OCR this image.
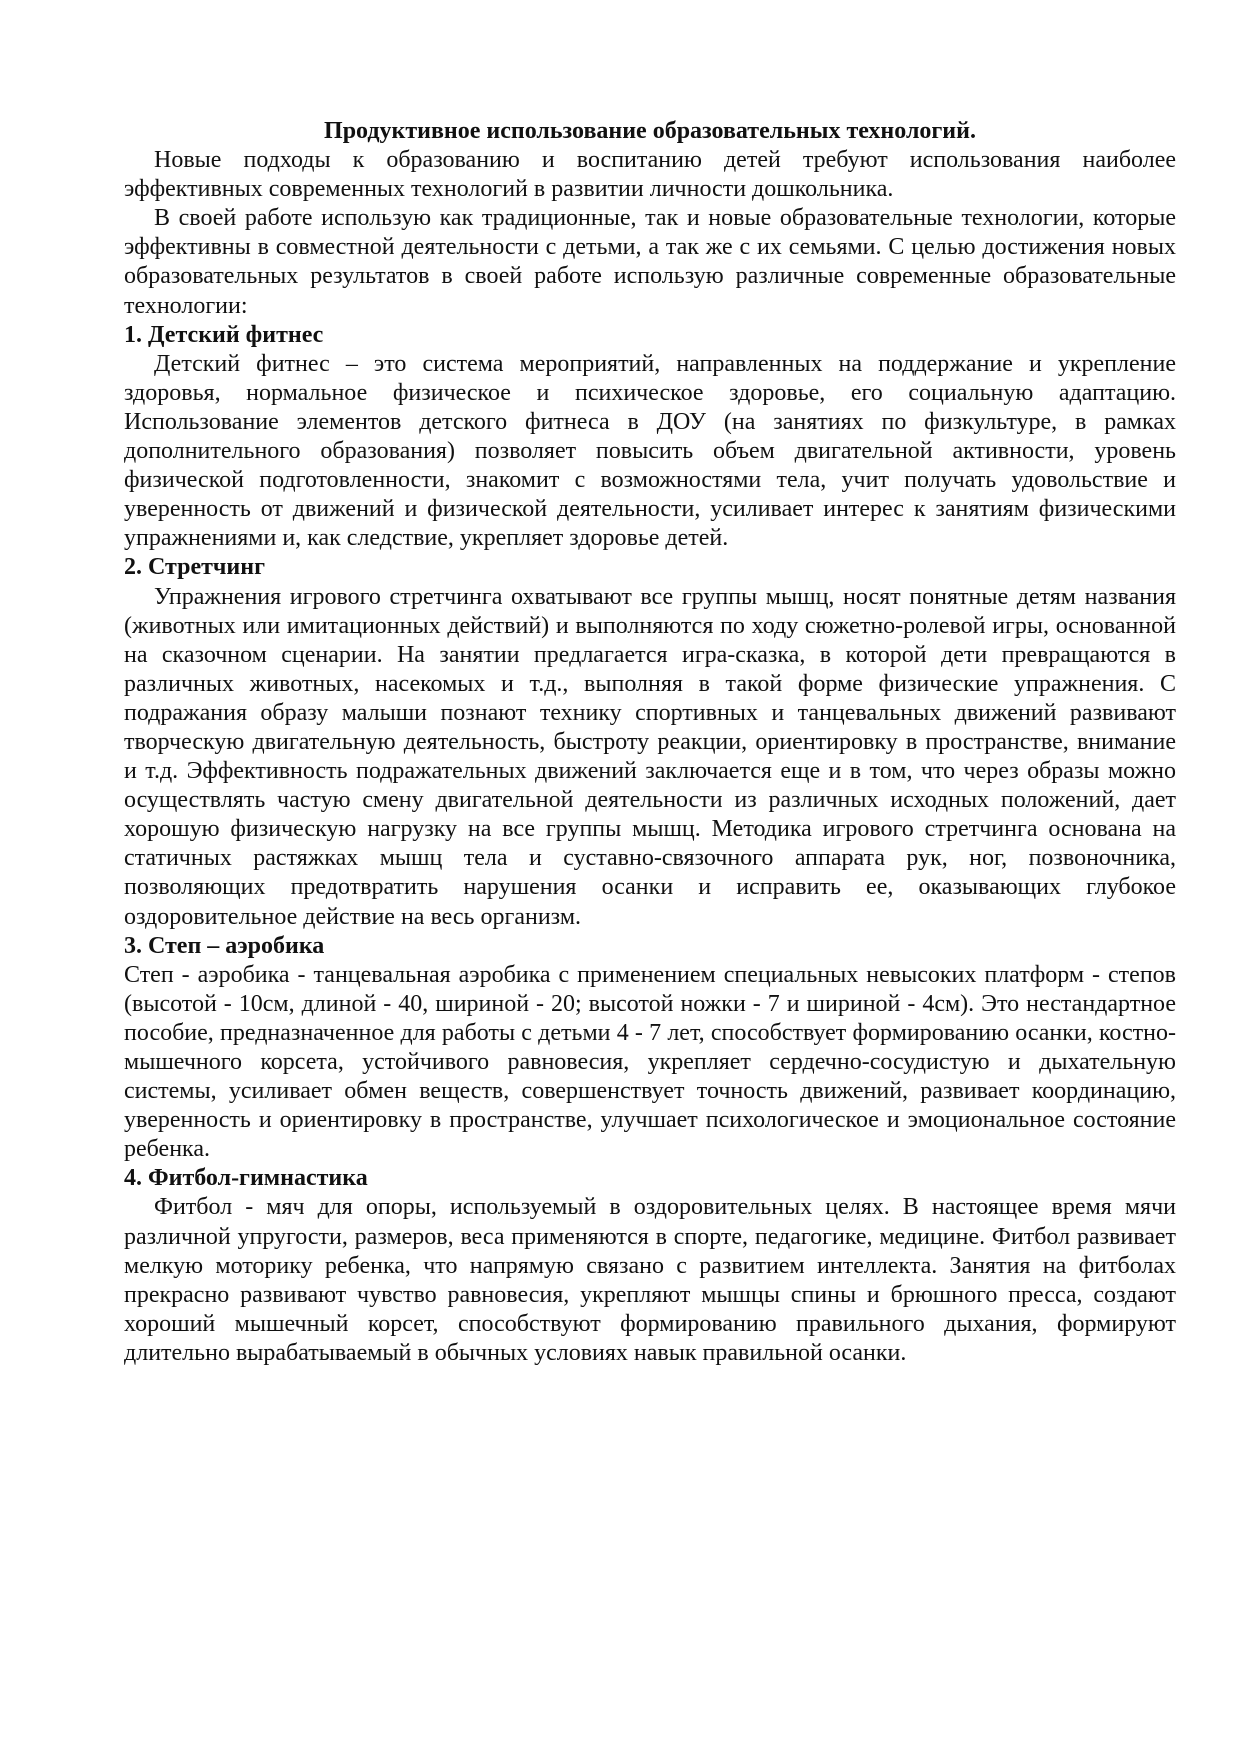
Продуктивное использование образовательных технологий.

Новые подходы к образованию и воспитанию детей требуют использования наиболее эффективных современных технологий в развитии личности дошкольника.

В своей работе использую как традиционные, так и новые образовательные технологии, которые эффективны в совместной деятельности с детьми, а так же с их семьями. С целью достижения новых образовательных результатов в своей работе использую различные современные образовательные технологии:

1. Детский фитнес

Детский фитнес – это система мероприятий, направленных на поддержание и укрепление здоровья, нормальное физическое и психическое здоровье, его социальную адаптацию. Использование элементов детского фитнеса в ДОУ (на занятиях по физкультуре, в рамках дополнительного образования) позволяет повысить объем двигательной активности, уровень физической подготовленности, знакомит с возможностями тела, учит получать удовольствие и уверенность от движений и физической деятельности, усиливает интерес к занятиям физическими упражнениями и, как следствие, укрепляет здоровье детей.

2. Стретчинг

Упражнения игрового стретчинга охватывают все группы мышц, носят понятные детям названия (животных или имитационных действий) и выполняются по ходу сюжетно-ролевой игры, основанной на сказочном сценарии. На занятии предлагается игра-сказка, в которой дети превращаются в различных животных, насекомых и т.д., выполняя в такой форме физические упражнения. С подражания образу малыши познают технику спортивных и танцевальных движений развивают творческую двигательную деятельность, быстроту реакции, ориентировку в пространстве, внимание и т.д. Эффективность подражательных движений заключается еще и в том, что через образы можно осуществлять частую смену двигательной деятельности из различных исходных положений, дает хорошую физическую нагрузку на все группы мышц. Методика игрового стретчинга основана на статичных растяжках мышц тела и суставно-связочного аппарата рук, ног, позвоночника, позволяющих предотвратить нарушения осанки и исправить ее, оказывающих глубокое оздоровительное действие на весь организм.

3. Степ – аэробика

Степ - аэробика - танцевальная аэробика с применением специальных невысоких платформ - степов (высотой - 10см, длиной - 40, шириной - 20; высотой ножки - 7 и шириной - 4см). Это нестандартное пособие, предназначенное для работы с детьми 4 - 7 лет, способствует формированию осанки, костно-мышечного корсета, устойчивого равновесия, укрепляет сердечно-сосудистую и дыхательную системы, усиливает обмен веществ, совершенствует точность движений, развивает координацию, уверенность и ориентировку в пространстве, улучшает психологическое и эмоциональное состояние ребенка.

4. Фитбол-гимнастика

Фитбол - мяч для опоры, используемый в оздоровительных целях. В настоящее время мячи различной упругости, размеров, веса применяются в спорте, педагогике, медицине. Фитбол развивает мелкую моторику ребенка, что напрямую связано с развитием интеллекта. Занятия на фитболах прекрасно развивают чувство равновесия, укрепляют мышцы спины и брюшного пресса, создают хороший мышечный корсет, способствуют формированию правильного дыхания, формируют длительно вырабатываемый в обычных условиях навык правильной осанки.
